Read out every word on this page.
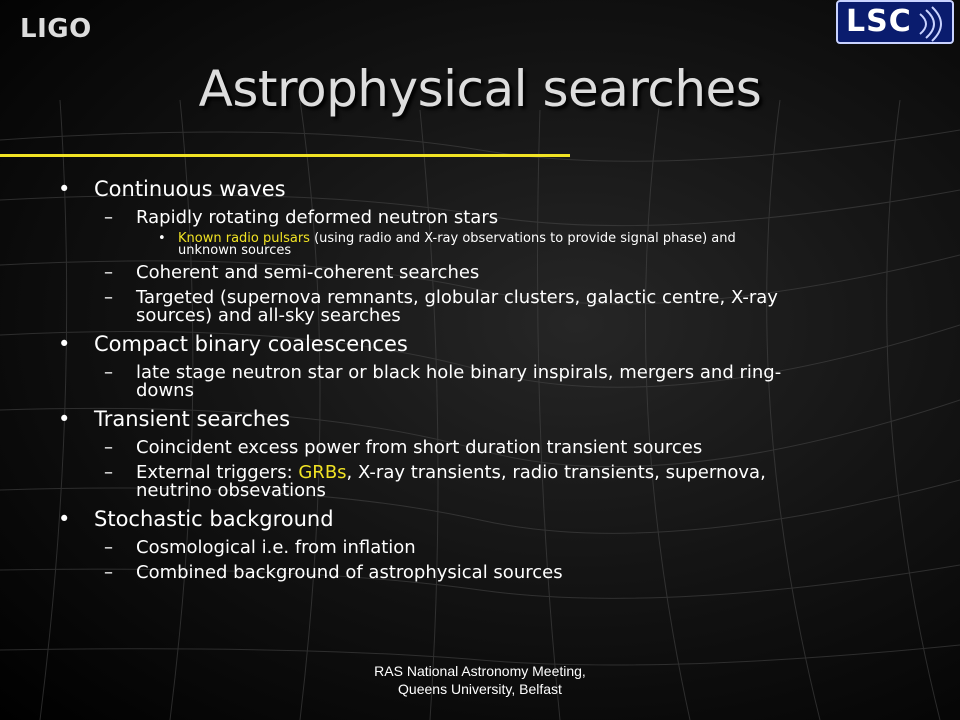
LIGO	LSC
Astrophysical searches
• Continuous waves
– Rapidly rotating deformed neutron stars
• Known radio pulsars (using radio and X-ray observations to provide signal phase) and
unknown sources
– Coherent and semi-coherent searches
– Targeted (supernova remnants, globular clusters, galactic centre, X-ray
sources) and all-sky searches
• Compact binary coalescences
– late stage neutron star or black hole binary inspirals, mergers and ring-
downs
• Transient searches
– Coincident excess power from short duration transient sources
– External triggers: GRBs, X-ray transients, radio transients, supernova,
neutrino obsevations
• Stochastic background
– Cosmological i.e. from inflation
– Combined background of astrophysical sources
RAS National Astronomy Meeting,
Queens University, Belfast
